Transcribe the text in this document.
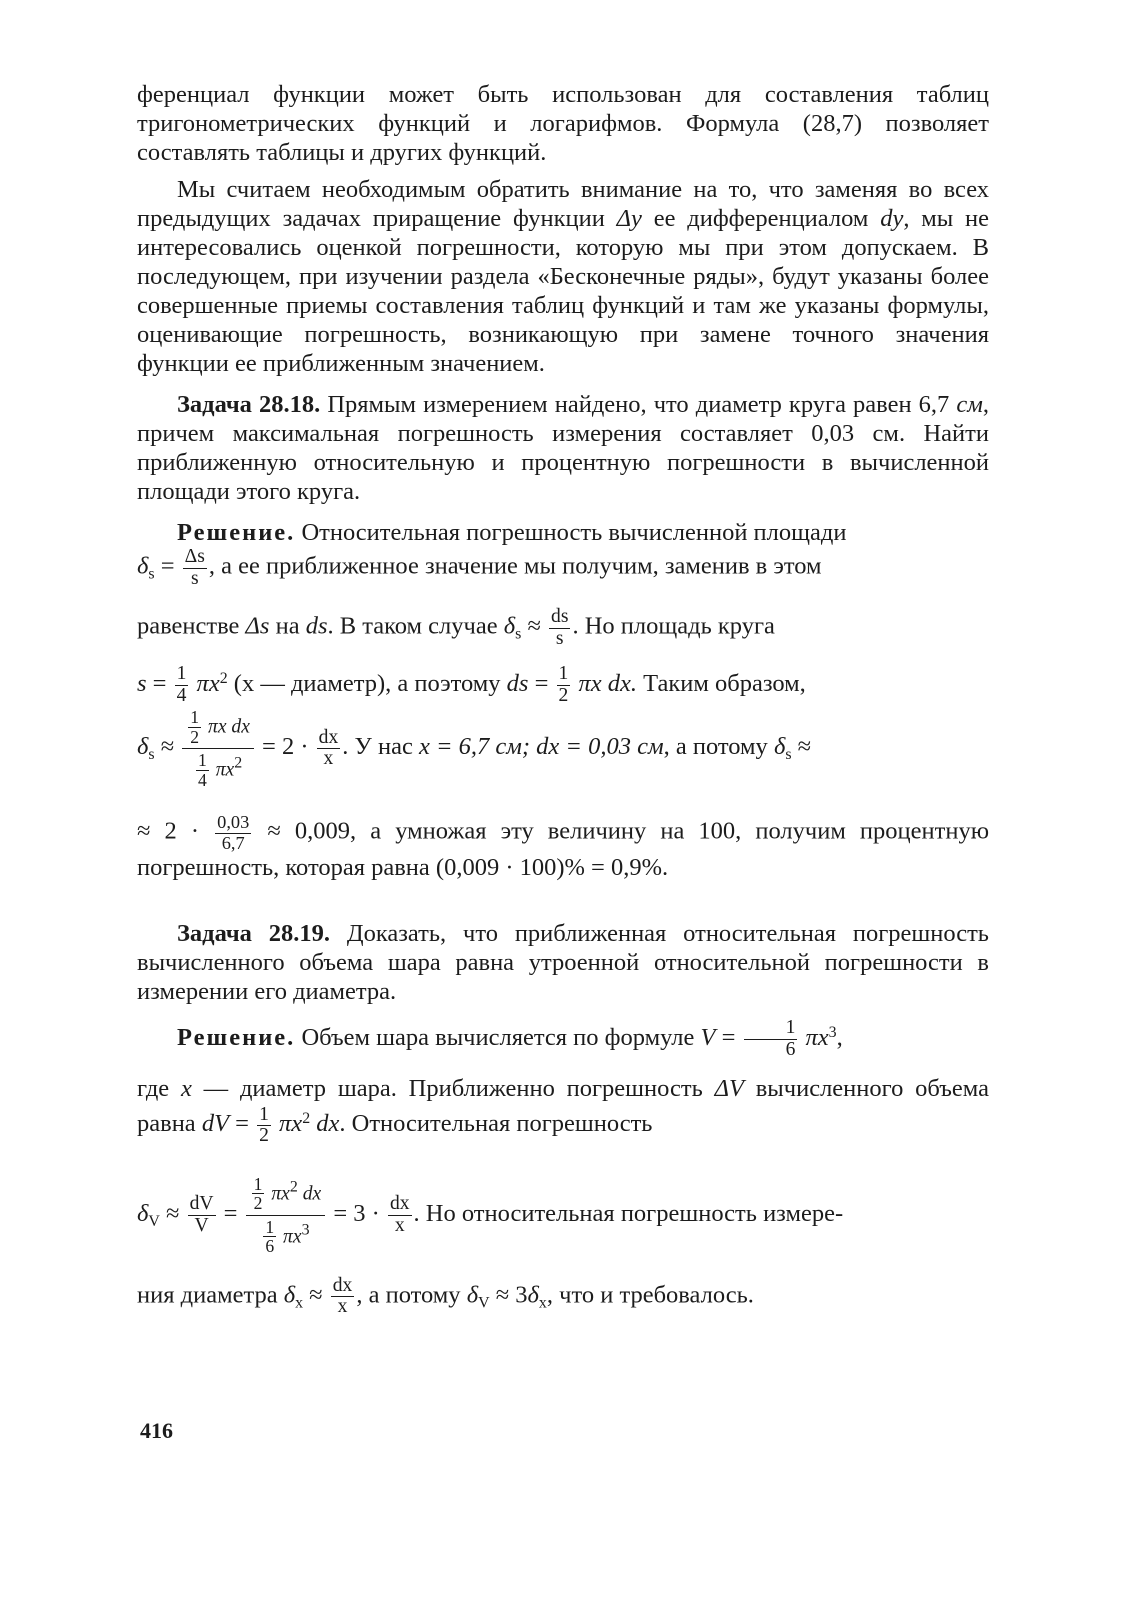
ференциал функции может быть использован для составления таблиц тригонометрических функций и логарифмов. Формула (28,7) позволяет составлять таблицы и других функций.

Мы считаем необходимым обратить внимание на то, что заменяя во всех предыдущих задачах приращение функции Δy ее дифференциалом dy, мы не интересовались оценкой погрешности, которую мы при этом допускаем. В последующем, при изучении раздела «Бесконечные ряды», будут указаны более совершенные приемы составления таблиц функций и там же указаны формулы, оценивающие погрешность, возникающую при замене точного значения функции ее приближенным значением.

Задача 28.18. Прямым измерением найдено, что диаметр круга равен 6,7 см, причем максимальная погрешность измерения составляет 0,03 см. Найти приближенную относительную и процентную погрешности в вычисленной площади этого круга.

Решение. Относительная погрешность вычисленной площади

$\delta_s = \frac{\Delta s}{s}$ , а ее приближенное значение мы получим, заменив в этом

равенстве Δs на ds. В таком случае $\delta_s \approx \frac{ds}{s}$ . Но площадь круга

$s = \frac{1}{4} \pi x^2$ (x — диаметр), а поэтому ds = $\frac{1}{2}$ πx dx. Таким образом,

$\delta_s \approx \frac{\frac{1}{2} \pi x dx}{\frac{1}{4} \pi x^2} = 2 \cdot \frac{dx}{x}$ . У нас x = 6,7 см; dx = 0,03 см, а потому $\delta_s$ ≈

≈ $2 \cdot \frac{0,03}{6,7} \approx 0,009$, а умножая эту величину на 100, получим процентную погрешность, которая равна (0,009 · 100)% = 0,9%.

Задача 28.19. Доказать, что приближенная относительная погрешность вычисленного объема шара равна утроенной относительной погрешности в измерении его диаметра.

Решение. Объем шара вычисляется по формуле $V = \frac{1}{6} \pi x^3$,

где x — диаметр шара. Приближенно погрешность ΔV вычисленного объема равна dV = $\frac{1}{2} \pi x^2$ dx. Относительная погрешность

$\delta_V \approx \frac{dV}{V} = \frac{\frac{1}{2} \pi x^2 dx}{\frac{1}{6} \pi x^3} = 3 \cdot \frac{dx}{x}$ . Но относительная погрешность измере-

ния диаметра $\delta_x \approx \frac{dx}{x}$ , а потому $\delta_V \approx 3\delta_x$, что и требовалось.

416
